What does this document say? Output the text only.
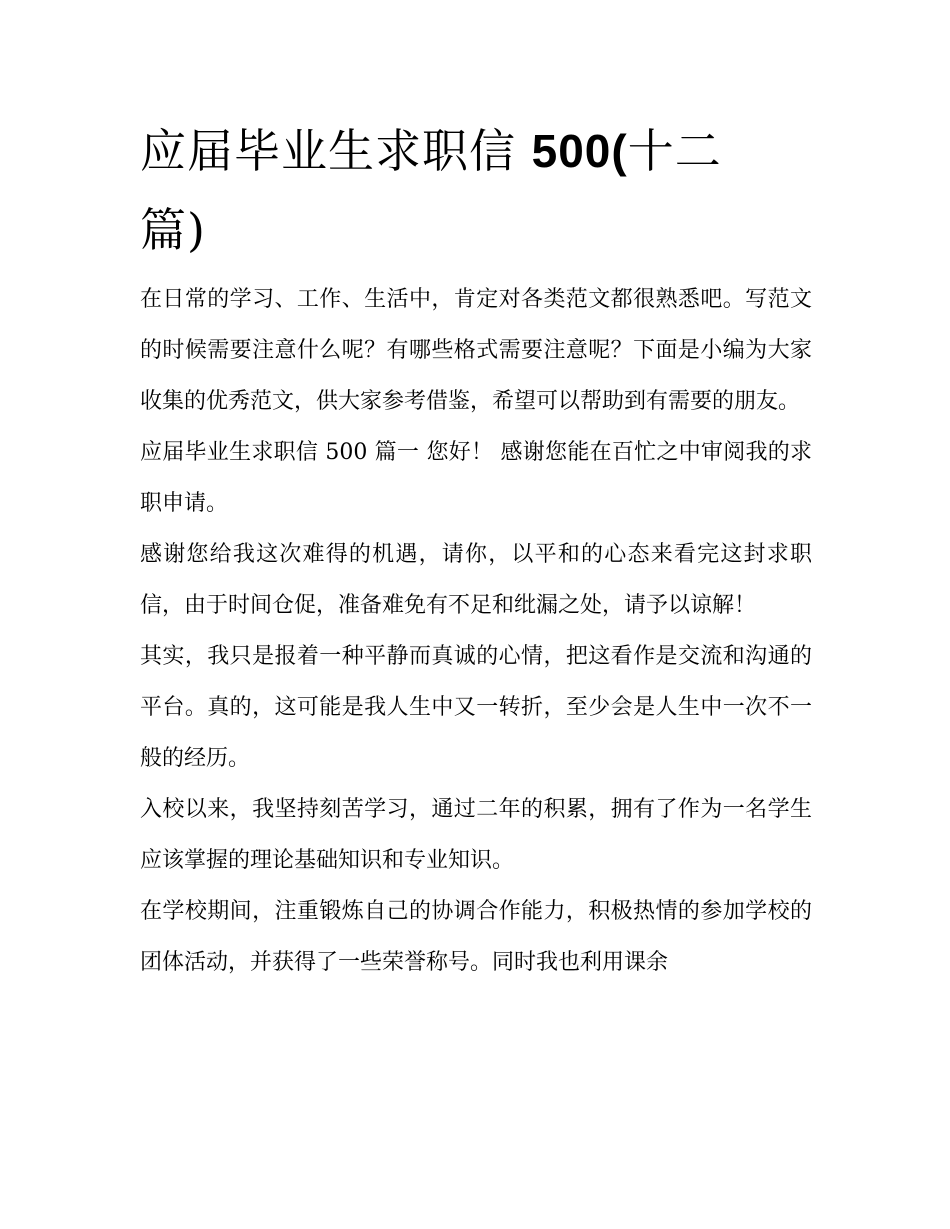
应届毕业生求职信 500(十二篇)

在日常的学习、工作、生活中，肯定对各类范文都很熟悉吧。写范文的时候需要注意什么呢？有哪些格式需要注意呢？下面是小编为大家收集的优秀范文，供大家参考借鉴，希望可以帮助到有需要的朋友。

应届毕业生求职信 500 篇一 您好！ 感谢您能在百忙之中审阅我的求职申请。

感谢您给我这次难得的机遇，请你，以平和的心态来看完这封求职信，由于时间仓促，准备难免有不足和纰漏之处，请予以谅解！

其实，我只是报着一种平静而真诚的心情，把这看作是交流和沟通的平台。真的，这可能是我人生中又一转折，至少会是人生中一次不一般的经历。

入校以来，我坚持刻苦学习，通过二年的积累，拥有了作为一名学生应该掌握的理论基础知识和专业知识。

在学校期间，注重锻炼自己的协调合作能力，积极热情的参加学校的团体活动，并获得了一些荣誉称号。同时我也利用课余
